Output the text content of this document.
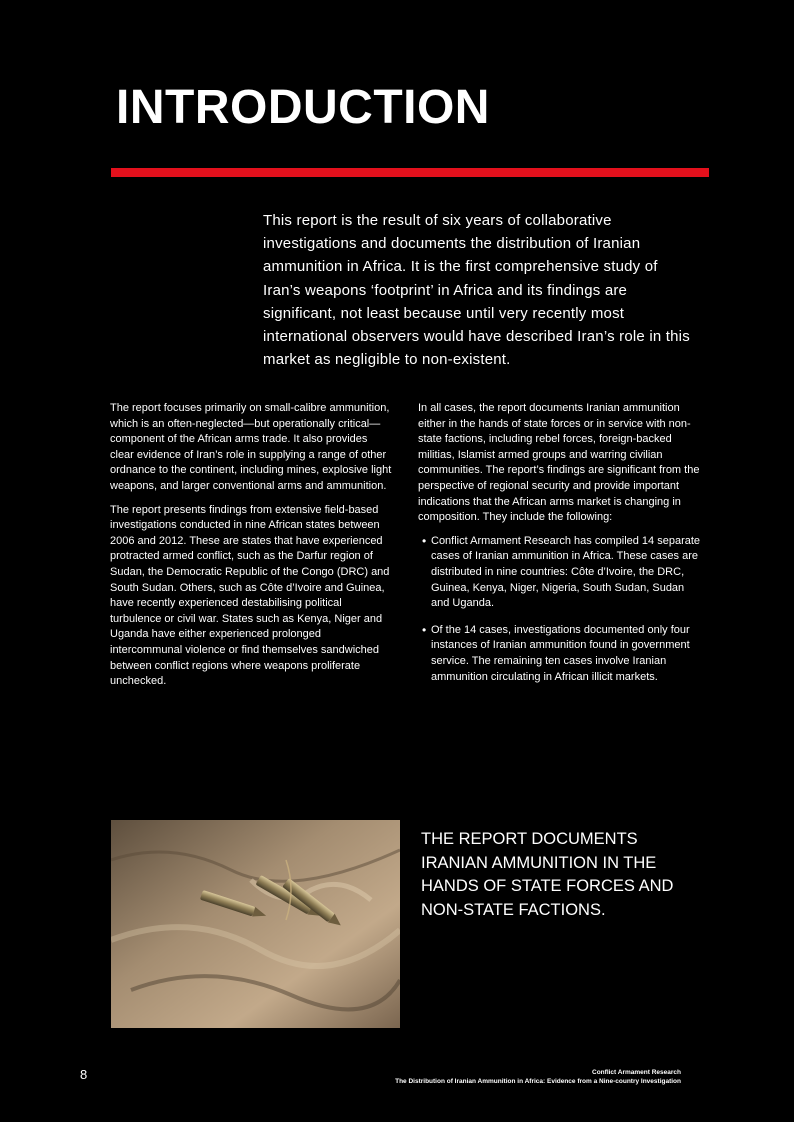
INTRODUCTION

This report is the result of six years of collaborative investigations and documents the distribution of Iranian ammunition in Africa. It is the first comprehensive study of Iran’s weapons ‘footprint’ in Africa and its findings are significant, not least because until very recently most international observers would have described Iran’s role in this market as negligible to non-existent.

The report focuses primarily on small-calibre ammunition, which is an often-neglected—but operationally critical—component of the African arms trade. It also provides clear evidence of Iran’s role in supplying a range of other ordnance to the continent, including mines, explosive light weapons, and larger conventional arms and ammunition.

The report presents findings from extensive field-based investigations conducted in nine African states between 2006 and 2012. These are states that have experienced protracted armed conflict, such as the Darfur region of Sudan, the Democratic Republic of the Congo (DRC) and South Sudan. Others, such as Côte d’Ivoire and Guinea, have recently experienced destabilising political turbulence or civil war. States such as Kenya, Niger and Uganda have either experienced prolonged intercommunal violence or find themselves sandwiched between conflict regions where weapons proliferate unchecked.

In all cases, the report documents Iranian ammunition either in the hands of state forces or in service with non-state factions, including rebel forces, foreign-backed militias, Islamist armed groups and warring civilian communities. The report’s findings are significant from the perspective of regional security and provide important indications that the African arms market is changing in composition. They include the following:

• Conflict Armament Research has compiled 14 separate cases of Iranian ammunition in Africa. These cases are distributed in nine countries: Côte d’Ivoire, the DRC, Guinea, Kenya, Niger, Nigeria, South Sudan, Sudan and Uganda.
• Of the 14 cases, investigations documented only four instances of Iranian ammunition found in government service. The remaining ten cases involve Iranian ammunition circulating in African illicit markets.

THE REPORT DOCUMENTS IRANIAN AMMUNITION IN THE HANDS OF STATE FORCES AND NON-STATE FACTIONS.

8	Conflict Armament Research
The Distribution of Iranian Ammunition in Africa: Evidence from a Nine-country Investigation
